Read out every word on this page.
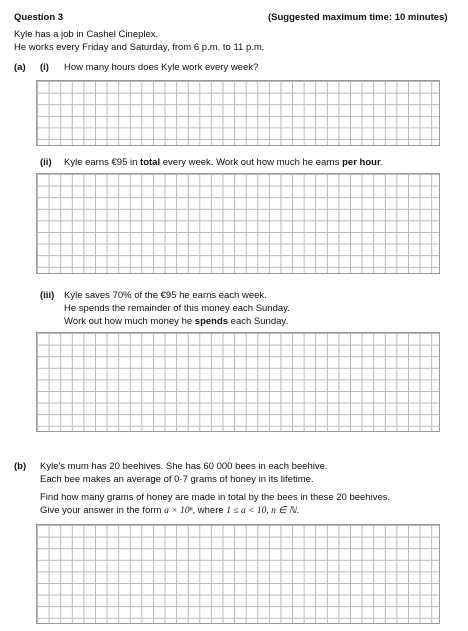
Question 3	(Suggested maximum time: 10 minutes)
Kyle has a job in Cashel Cineplex.
He works every Friday and Saturday, from 6 p.m. to 11 p.m.
(a) (i) How many hours does Kyle work every week?
(ii) Kyle earns €95 in total every week. Work out how much he earns per hour.
(iii) Kyle saves 70% of the €95 he earns each week.
He spends the remainder of this money each Sunday.
Work out how much money he spends each Sunday.
(b) Kyle's mum has 20 beehives. She has 60 000 bees in each beehive.
Each bee makes an average of 0·7 grams of honey in its lifetime.
Find how many grams of honey are made in total by the bees in these 20 beehives.
Give your answer in the form a × 10ⁿ, where 1 ≤ a < 10, n ∈ ℕ.
